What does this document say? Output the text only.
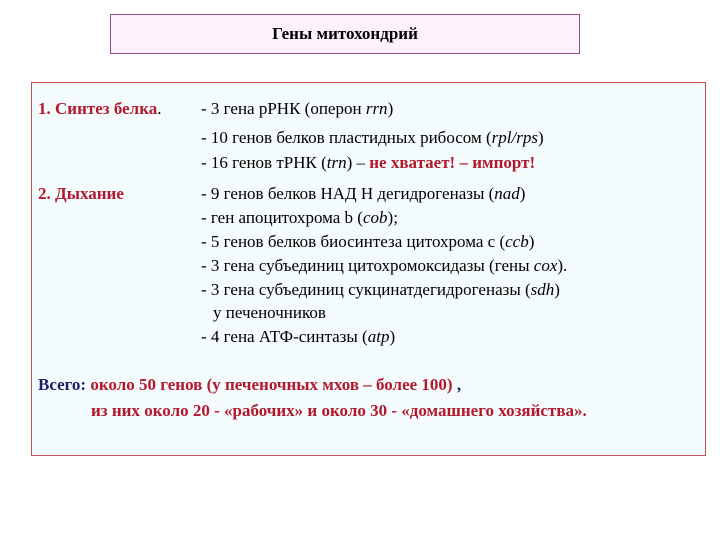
Гены митохондрий
1. Синтез белка. - 3 гена рРНК (оперон rrn)
- 10 генов белков пластидных рибосом (rpl/rps)
- 16 генов тРНК (trn) – не хватает! – импорт!
2. Дыхание	- 9 генов белков НАД Н дегидрогеназы (nad)
- ген апоцитохрома b (cob);
- 5 генов белков биосинтеза цитохрома с (ccb)
- 3 гена субъединиц цитохромоксидазы (гены cox).
- 3 гена субъединиц сукцинатдегидрогеназы (sdh)
у печеночников
- 4 гена АТФ-синтазы (atp)
Всего: около 50 генов (у печеночных мхов – более 100) ,
из них около 20 - «рабочих» и около 30 - «домашнего хозяйства».
